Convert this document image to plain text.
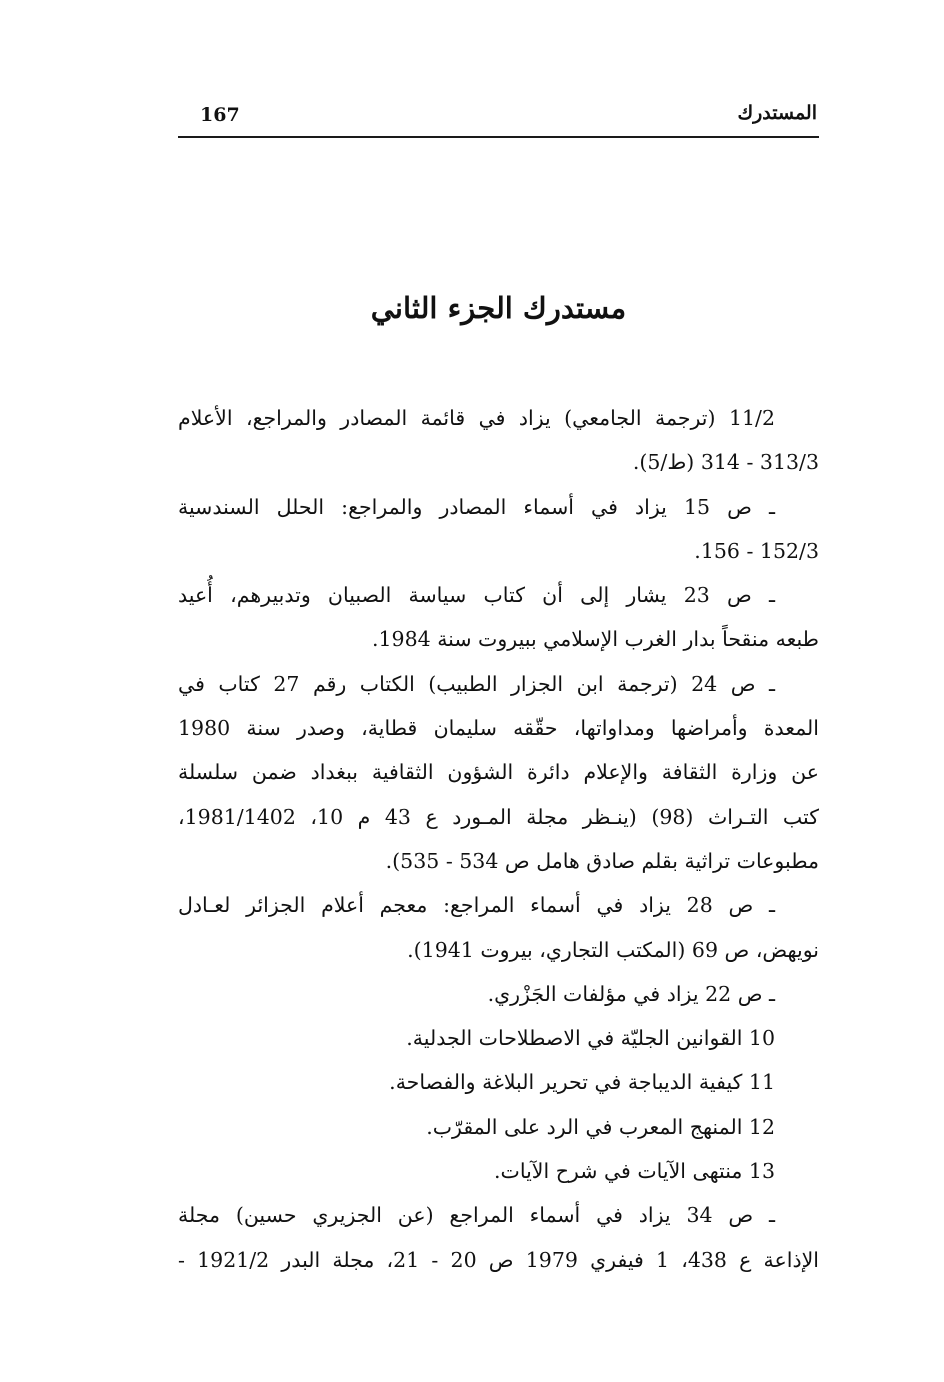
167	المستدرك
مستدرك الجزء الثاني
11/2 (ترجمة الجامعي) يزاد في قائمة المصادر والمراجع، الأعلام
313/3 - 314 (ط/5).
ـ ص 15 يزاد في أسماء المصادر والمراجع: الحلل السندسية
152/3 - 156.
ـ ص 23 يشار إلى أن كتاب سياسة الصبيان وتدبيرهم، أُعيد
طبعه منقحاً بدار الغرب الإسلامي ببيروت سنة 1984.
ـ ص 24 (ترجمة ابن الجزار الطبيب) الكتاب رقم 27 كتاب في
المعدة وأمراضها ومداواتها، حقّقه سليمان قطاية، وصدر سنة 1980
عن وزارة الثقافة والإعلام دائرة الشؤون الثقافية ببغداد ضمن سلسلة
كتب التـراث (98) (ينـظر مجلة المـورد ع 43 م 10، 1981/1402،
مطبوعات تراثية بقلم صادق هامل ص 534 - 535).
ـ ص 28 يزاد في أسماء المراجع: معجم أعلام الجزائر لعـادل
نويهض، ص 69 (المكتب التجاري، بيروت 1941).
ـ ص 22 يزاد في مؤلفات الجَزْري.
10 القوانين الجليّة في الاصطلاحات الجدلية.
11 كيفية الديباجة في تحرير البلاغة والفصاحة.
12 المنهج المعرب في الرد على المقرّب.
13 منتهى الآيات في شرح الآيات.
ـ ص 34 يزاد في أسماء المراجع (عن الجزيري حسين) مجلة
الإذاعة ع 438، 1 فيفري 1979 ص 20 - 21، مجلة البدر 1921/2 -
